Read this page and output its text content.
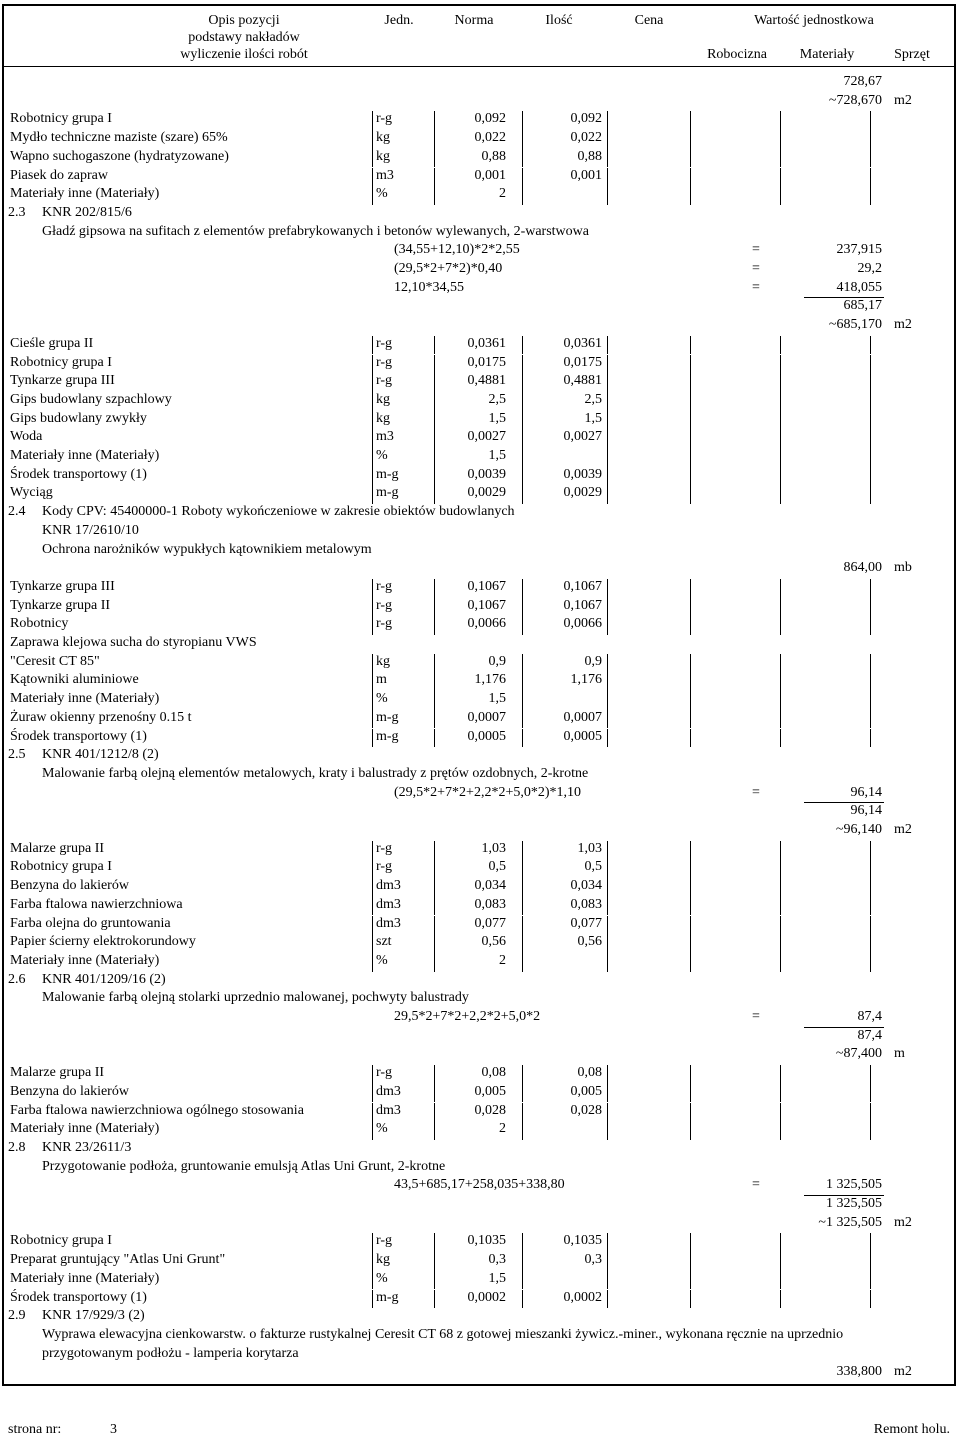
Opis pozycji
podstawy nakładów
wyliczenie ilości robót
Jedn.	Norma	Ilość	Cena	Wartość jednostkowa
Robocizna	Materiały	Sprzęt
728,67
~728,670 m2
Robotnicy grupa I	r-g	0,092	0,092
Mydło techniczne maziste (szare) 65%	kg	0,022	0,022
Wapno suchogaszone (hydratyzowane)	kg	0,88	0,88
Piasek do zapraw	m3	0,001	0,001
Materiały inne (Materiały)	%	2
2.3 KNR 202/815/6
Gładź gipsowa na sufitach z elementów prefabrykowanych i betonów wylewanych, 2-warstwowa
(34,55+12,10)*2*2,55	=	237,915
(29,5*2+7*2)*0,40	=	29,2
12,10*34,55	=	418,055
685,17
~685,170 m2
Cieśle grupa II	r-g	0,0361	0,0361
Robotnicy grupa I	r-g	0,0175	0,0175
Tynkarze grupa III	r-g	0,4881	0,4881
Gips budowlany szpachlowy	kg	2,5	2,5
Gips budowlany zwykły	kg	1,5	1,5
Woda	m3	0,0027	0,0027
Materiały inne (Materiały)	%	1,5
Środek transportowy (1)	m-g	0,0039	0,0039
Wyciąg	m-g	0,0029	0,0029
2.4 Kody CPV: 45400000-1 Roboty wykończeniowe w zakresie obiektów budowlanych
KNR 17/2610/10
Ochrona narożników wypukłych kątownikiem metalowym
864,00 mb
Tynkarze grupa III	r-g	0,1067	0,1067
Tynkarze grupa II	r-g	0,1067	0,1067
Robotnicy	r-g	0,0066	0,0066
Zaprawa klejowa sucha do styropianu VWS
"Ceresit CT 85"	kg	0,9	0,9
Kątowniki aluminiowe	m	1,176	1,176
Materiały inne (Materiały)	%	1,5
Żuraw okienny przenośny 0.15 t	m-g	0,0007	0,0007
Środek transportowy (1)	m-g	0,0005	0,0005
2.5 KNR 401/1212/8 (2)
Malowanie farbą olejną elementów metalowych, kraty i balustrady z prętów ozdobnych, 2-krotne
(29,5*2+7*2+2,2*2+5,0*2)*1,10	=	96,14
96,14
~96,140 m2
Malarze grupa II	r-g	1,03	1,03
Robotnicy grupa I	r-g	0,5	0,5
Benzyna do lakierów	dm3	0,034	0,034
Farba ftalowa nawierzchniowa	dm3	0,083	0,083
Farba olejna do gruntowania	dm3	0,077	0,077
Papier ścierny elektrokorundowy	szt	0,56	0,56
Materiały inne (Materiały)	%	2
2.6 KNR 401/1209/16 (2)
Malowanie farbą olejną stolarki uprzednio malowanej, pochwyty balustrady
29,5*2+7*2+2,2*2+5,0*2	=	87,4
87,4
~87,400 m
Malarze grupa II	r-g	0,08	0,08
Benzyna do lakierów	dm3	0,005	0,005
Farba ftalowa nawierzchniowa ogólnego stosowania	dm3	0,028	0,028
Materiały inne (Materiały)	%	2
2.8 KNR 23/2611/3
Przygotowanie podłoża, gruntowanie emulsją Atlas Uni Grunt, 2-krotne
43,5+685,17+258,035+338,80	=	1 325,505
1 325,505
~1 325,505 m2
Robotnicy grupa I	r-g	0,1035	0,1035
Preparat gruntujący "Atlas Uni Grunt"	kg	0,3	0,3
Materiały inne (Materiały)	%	1,5
Środek transportowy (1)	m-g	0,0002	0,0002
2.9 KNR 17/929/3 (2)
Wyprawa elewacyjna cienkowarstw. o fakturze rustykalnej Ceresit CT 68 z gotowej mieszanki żywicz.-miner., wykonana ręcznie na uprzednio
przygotowanym podłożu - lamperia korytarza
338,800 m2
strona nr:	3	Remont holu.
